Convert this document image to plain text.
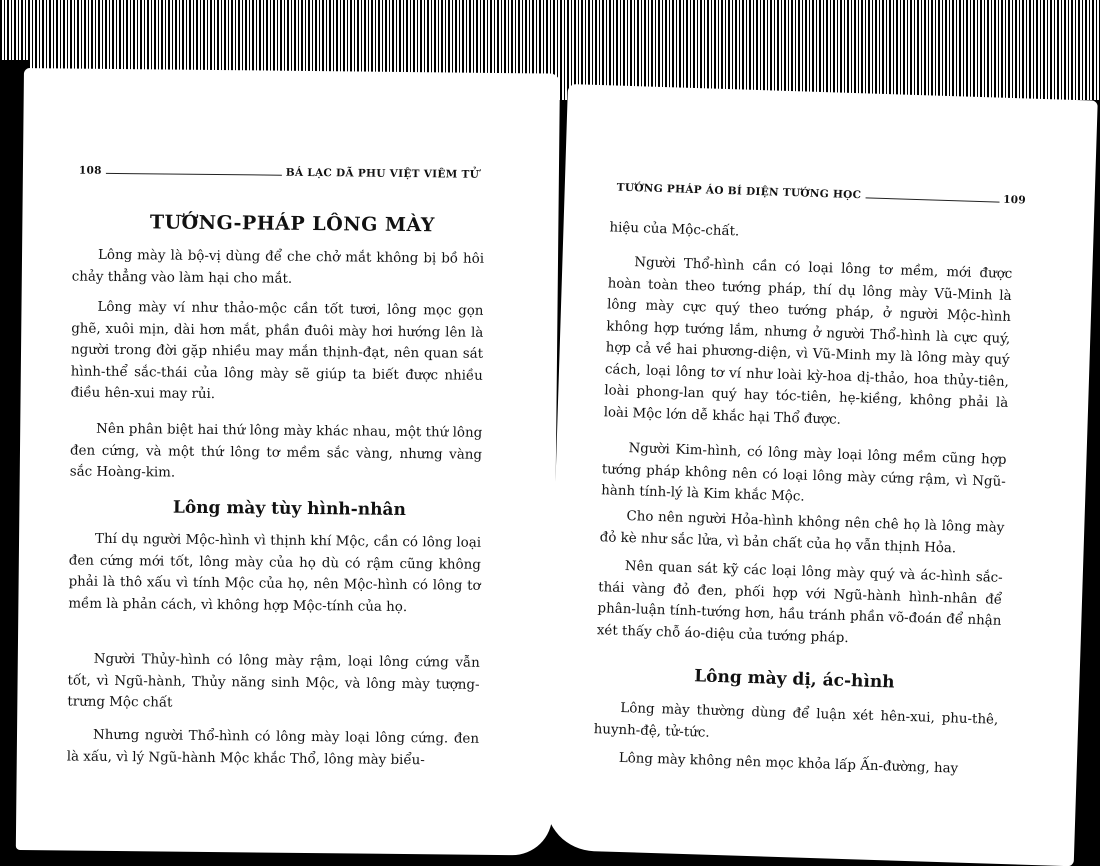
108	BÁ LẠC DÃ PHU VIỆT VIÊM TỬ
TƯỚNG-PHÁP LÔNG MÀY

Lông mày là bộ-vị dùng để che chở mắt không bị bồ hôi chảy thẳng vào làm hại cho mắt.

Lông mày ví như thảo-mộc cần tốt tươi, lông mọc gọn ghẽ, xuôi mịn, dài hơn mắt, phần đuôi mày hơi hướng lên là người trong đời gặp nhiều may mắn thịnh-đạt, nên quan sát hình-thể sắc-thái của lông mày sẽ giúp ta biết được nhiều điều hên-xui may rủi.

Nên phân biệt hai thứ lông mày khác nhau, một thứ lông đen cứng, và một thứ lông tơ mềm sắc vàng, nhưng vàng sắc Hoàng-kim.

Lông mày tùy hình-nhân

Thí dụ người Mộc-hình vì thịnh khí Mộc, cần có lông loại đen cứng mới tốt, lông mày của họ dù có rậm cũng không phải là thô xấu vì tính Mộc của họ, nên Mộc-hình có lông tơ mềm là phản cách, vì không hợp Mộc-tính của họ.

Người Thủy-hình có lông mày rậm, loại lông cứng vẫn tốt, vì Ngũ-hành, Thủy năng sinh Mộc, và lông mày tượng-trưng Mộc chất

Nhưng người Thổ-hình có lông mày loại lông cứng. đen là xấu, vì lý Ngũ-hành Mộc khắc Thổ, lông mày biểu-

TƯỚNG PHÁP ÁO BÍ DIỆN TƯỚNG HỌC	109

hiệu của Mộc-chất.

Người Thổ-hình cần có loại lông tơ mềm, mới được hoàn toàn theo tướng pháp, thí dụ lông mày Vũ-Minh là lông mày cực quý theo tướng pháp, ở người Mộc-hình không hợp tướng lắm, nhưng ở người Thổ-hình là cực quý, hợp cả về hai phương-diện, vì Vũ-Minh my là lông mày quý cách, loại lông tơ ví như loài kỳ-hoa dị-thảo, hoa thủy-tiên, loài phong-lan quý hay tóc-tiên, hẹ-kiềng, không phải là loài Mộc lớn dễ khắc hại Thổ được.

Người Kim-hình, có lông mày loại lông mềm cũng hợp tướng pháp không nên có loại lông mày cứng rậm, vì Ngũ-hành tính-lý là Kim khắc Mộc.

Cho nên người Hỏa-hình không nên chê họ là lông mày đỏ kè như sắc lửa, vì bản chất của họ vẫn thịnh Hỏa.

Nên quan sát kỹ các loại lông mày quý và ác-hình sắc-thái vàng đỏ đen, phối hợp với Ngũ-hành hình-nhân để phân-luận tính-tướng hơn, hầu tránh phần võ-đoán để nhận xét thấy chỗ áo-diệu của tướng pháp.

Lông mày dị, ác-hình

Lông mày thường dùng để luận xét hên-xui, phu-thê, huynh-đệ, tử-tức.

Lông mày không nên mọc khỏa lấp Ấn-đường, hay
